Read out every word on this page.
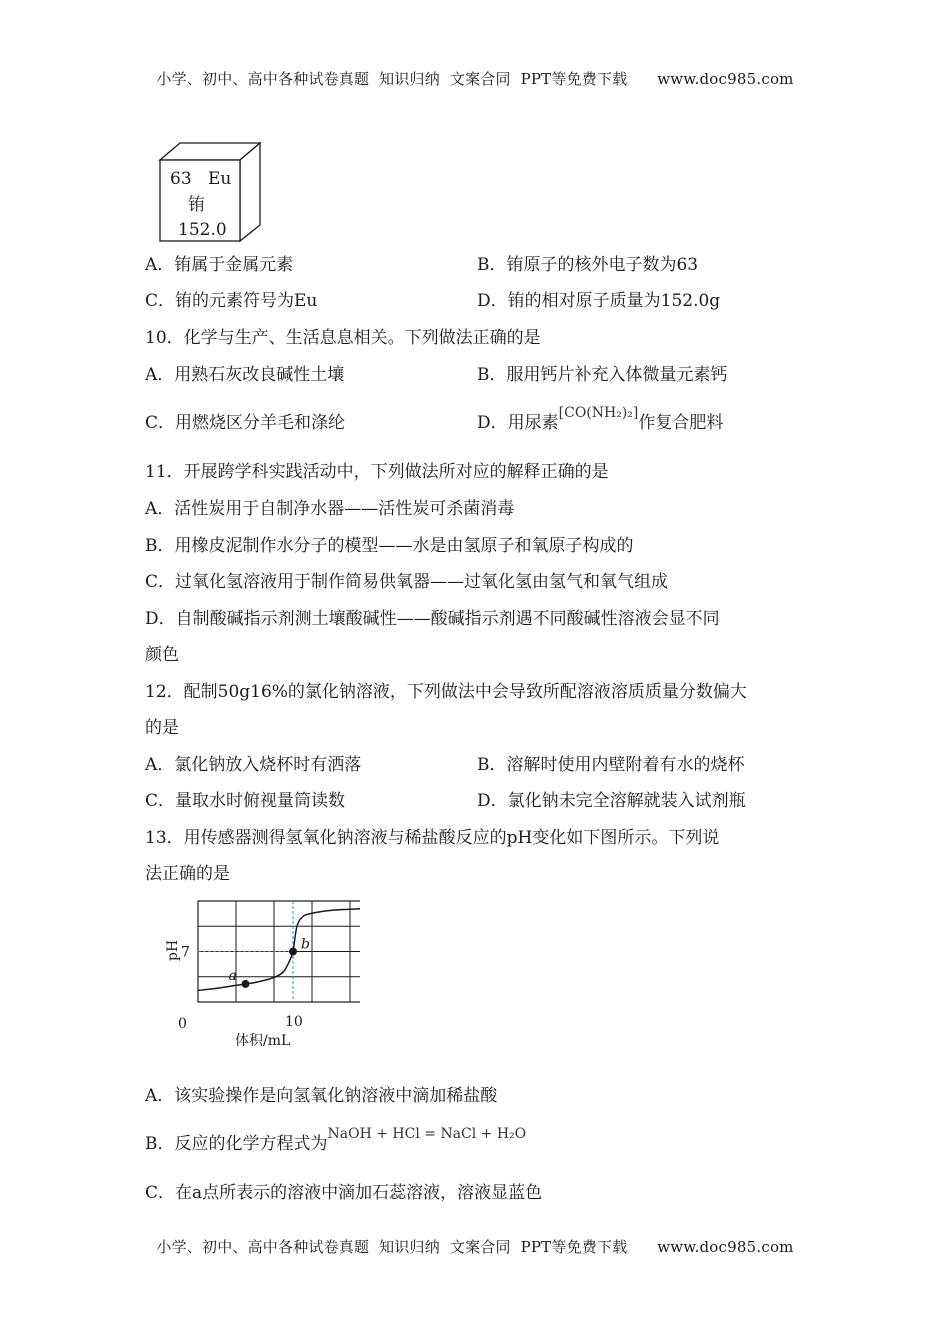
小学、初中、高中各种试卷真题  知识归纳  文案合同  PPT等免费下载      www.doc985.com
63 Eu
铕
152.0
A．铕属于金属元素	B．铕原子的核外电子数为63
C．铕的元素符号为Eu	D．铕的相对原子质量为152.0g
10．化学与生产、生活息息相关。下列做法正确的是
A．用熟石灰改良碱性土壤	B．服用钙片补充入体微量元素钙
C．用燃烧区分羊毛和涤纶	D．用尿素[CO(NH₂)₂]作复合肥料
11．开展跨学科实践活动中，下列做法所对应的解释正确的是
A．活性炭用于自制净水器——活性炭可杀菌消毒
B．用橡皮泥制作水分子的模型——水是由氢原子和氧原子构成的
C．过氧化氢溶液用于制作简易供氧器——过氧化氢由氢气和氧气组成
D．自制酸碱指示剂测土壤酸碱性——酸碱指示剂遇不同酸碱性溶液会显不同
颜色
12．配制50g16%的氯化钠溶液，下列做法中会导致所配溶液溶质质量分数偏大
的是
A．氯化钠放入烧杯时有洒落	B．溶解时使用内壁附着有水的烧杯
C．量取水时俯视量筒读数	D．氯化钠未完全溶解就装入试剂瓶
13．用传感器测得氢氧化钠溶液与稀盐酸反应的pH变化如下图所示。下列说
法正确的是
a
b
pH
0	10
7
体积/mL
A．该实验操作是向氢氧化钠溶液中滴加稀盐酸
B．反应的化学方程式为$^{NaOH + HCl = NaCl + H_2O}$
C．在a点所表示的溶液中滴加石蕊溶液，溶液显蓝色
小学、初中、高中各种试卷真题  知识归纳  文案合同  PPT等免费下载      www.doc985.com
